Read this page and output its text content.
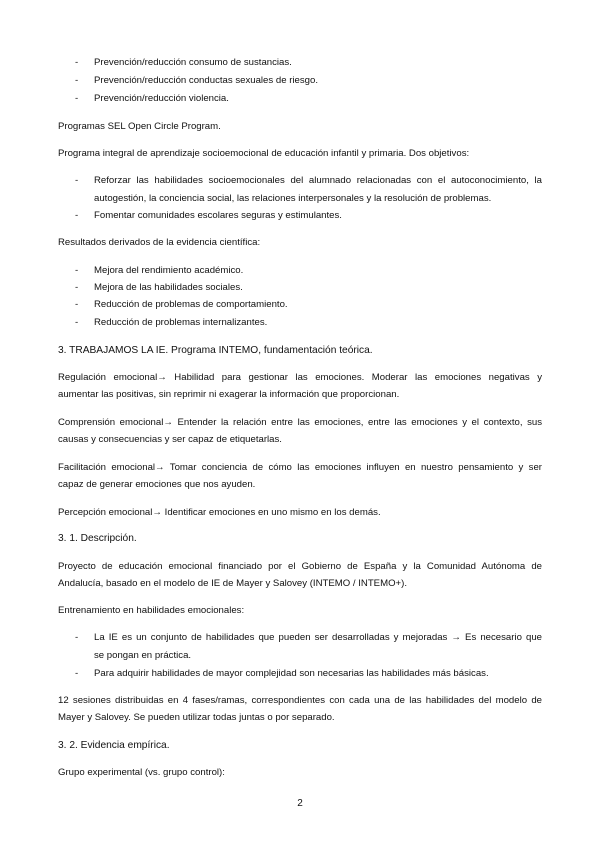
- Prevención/reducción consumo de sustancias.
- Prevención/reducción conductas sexuales de riesgo.
- Prevención/reducción violencia.
Programas SEL Open Circle Program.
Programa integral de aprendizaje socioemocional de educación infantil y primaria. Dos objetivos:
- Reforzar las habilidades socioemocionales del alumnado relacionadas con el autoconocimiento, la
autogestión, la conciencia social, las relaciones interpersonales y la resolución de problemas.
- Fomentar comunidades escolares seguras y estimulantes.
Resultados derivados de la evidencia científica:
- Mejora del rendimiento académico.
- Mejora de las habilidades sociales.
- Reducción de problemas de comportamiento.
- Reducción de problemas internalizantes.
3. TRABAJAMOS LA IE. Programa INTEMO, fundamentación teórica.
Regulación emocional→ Habilidad para gestionar las emociones. Moderar las emociones negativas y
aumentar las positivas, sin reprimir ni exagerar la información que proporcionan.
Comprensión emocional→ Entender la relación entre las emociones, entre las emociones y el contexto, sus
causas y consecuencias y ser capaz de etiquetarlas.
Facilitación emocional→ Tomar conciencia de cómo las emociones influyen en nuestro pensamiento y ser
capaz de generar emociones que nos ayuden.
Percepción emocional→ Identificar emociones en uno mismo en los demás.
3. 1. Descripción.
Proyecto de educación emocional financiado por el Gobierno de España y la Comunidad Autónoma de
Andalucía, basado en el modelo de IE de Mayer y Salovey (INTEMO / INTEMO+).
Entrenamiento en habilidades emocionales:
- La IE es un conjunto de habilidades que pueden ser desarrolladas y mejoradas → Es necesario que
se pongan en práctica.
- Para adquirir habilidades de mayor complejidad son necesarias las habilidades más básicas.
12 sesiones distribuidas en 4 fases/ramas, correspondientes con cada una de las habilidades del modelo de
Mayer y Salovey. Se pueden utilizar todas juntas o por separado.
3. 2. Evidencia empírica.
Grupo experimental (vs. grupo control):
2
